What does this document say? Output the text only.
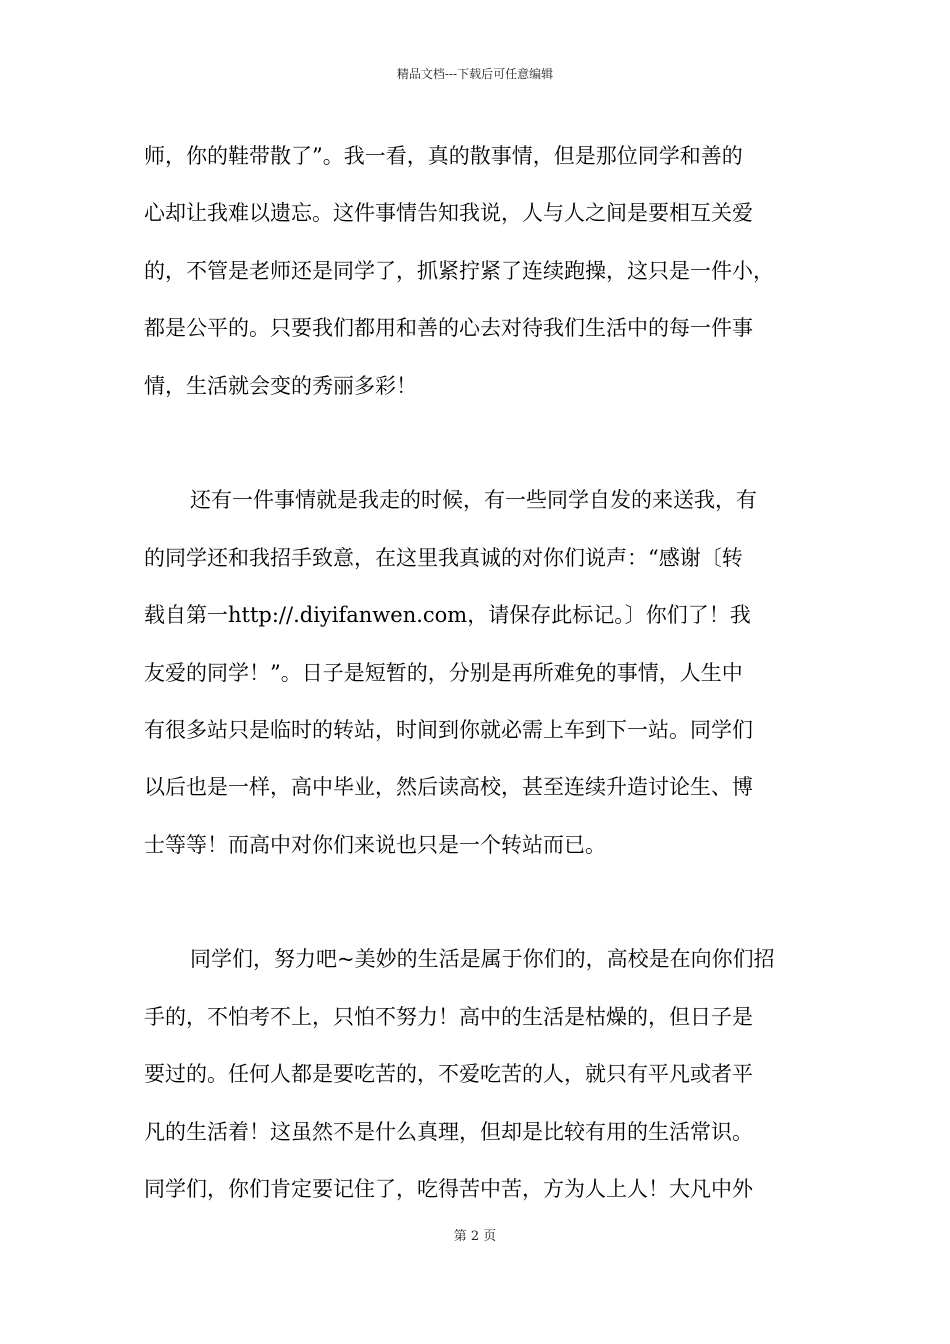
精品文档---下载后可任意编辑
师，你的鞋带散了”。我一看，真的散事情，但是那位同学和善的
心却让我难以遗忘。这件事情告知我说，人与人之间是要相互关爱
的，不管是老师还是同学了，抓紧拧紧了连续跑操，这只是一件小，
都是公平的。只要我们都用和善的心去对待我们生活中的每一件事
情，生活就会变的秀丽多彩！
还有一件事情就是我走的时候，有一些同学自发的来送我，有
的同学还和我招手致意，在这里我真诚的对你们说声：“感谢〔转
载自第一http://.diyifanwen.com，请保存此标记。〕你们了！我
友爱的同学！”。日子是短暂的，分别是再所难免的事情，人生中
有很多站只是临时的转站，时间到你就必需上车到下一站。同学们
以后也是一样，高中毕业，然后读高校，甚至连续升造讨论生、博
士等等！而高中对你们来说也只是一个转站而已。
同学们，努力吧~美妙的生活是属于你们的，高校是在向你们招
手的，不怕考不上，只怕不努力！高中的生活是枯燥的，但日子是
要过的。任何人都是要吃苦的，不爱吃苦的人，就只有平凡或者平
凡的生活着！这虽然不是什么真理，但却是比较有用的生活常识。
同学们，你们肯定要记住了，吃得苦中苦，方为人上人！大凡中外
第 2 页
